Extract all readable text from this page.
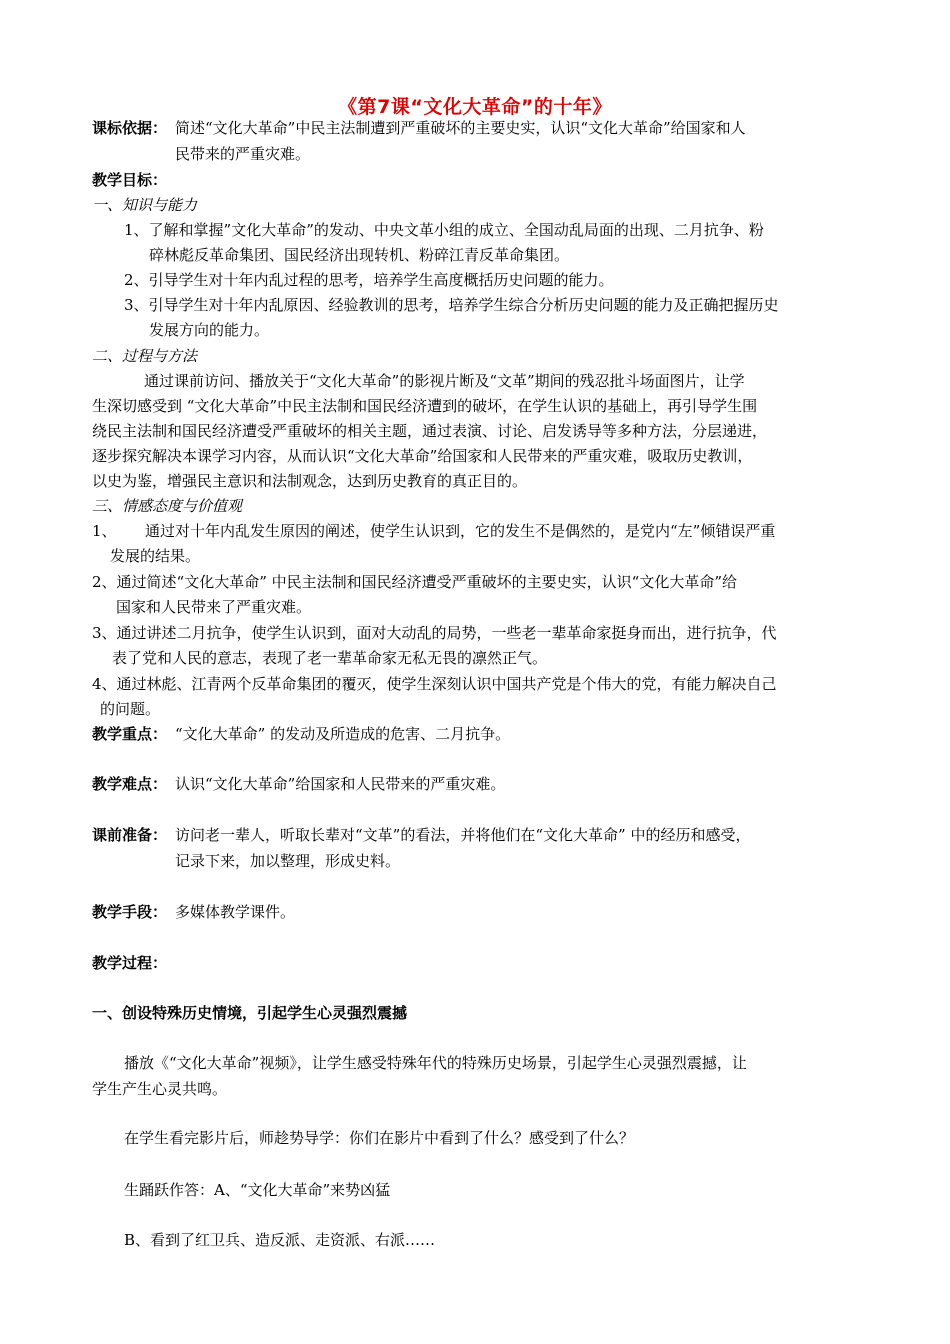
《第7课“文化大革命”的十年》
课标依据： 简述“文化大革命”中民主法制遭到严重破坏的主要史实，认识“文化大革命”给国家和人
民带来的严重灾难。
教学目标：
一、知识与能力
1、了解和掌握”文化大革命”的发动、中央文革小组的成立、全国动乱局面的出现、二月抗争、粉
碎林彪反革命集团、国民经济出现转机、粉碎江青反革命集团。
2、引导学生对十年内乱过程的思考，培养学生高度概括历史问题的能力。
3、引导学生对十年内乱原因、经验教训的思考，培养学生综合分析历史问题的能力及正确把握历史
发展方向的能力。
二、过程与方法
通过课前访问、播放关于“文化大革命”的影视片断及“文革”期间的残忍批斗场面图片，让学
生深切感受到 “文化大革命”中民主法制和国民经济遭到的破坏，在学生认识的基础上，再引导学生围
绕民主法制和国民经济遭受严重破坏的相关主题，通过表演、讨论、启发诱导等多种方法，分层递进，
逐步探究解决本课学习内容，从而认识“文化大革命”给国家和人民带来的严重灾难，吸取历史教训，
以史为鉴，增强民主意识和法制观念，达到历史教育的真正目的。
三、情感态度与价值观
1、 通过对十年内乱发生原因的阐述，使学生认识到，它的发生不是偶然的，是党内“左”倾错误严重
发展的结果。
2、通过简述“文化大革命” 中民主法制和国民经济遭受严重破坏的主要史实，认识“文化大革命”给
国家和人民带来了严重灾难。
3、通过讲述二月抗争，使学生认识到，面对大动乱的局势，一些老一辈革命家挺身而出，进行抗争，代
表了党和人民的意志，表现了老一辈革命家无私无畏的凛然正气。
4、通过林彪、江青两个反革命集团的覆灭，使学生深刻认识中国共产党是个伟大的党，有能力解决自己
的问题。
教学重点： “文化大革命” 的发动及所造成的危害、二月抗争。
教学难点： 认识“文化大革命”给国家和人民带来的严重灾难。
课前准备： 访问老一辈人，听取长辈对“文革”的看法，并将他们在“文化大革命” 中的经历和感受，
记录下来，加以整理，形成史料。
教学手段： 多媒体教学课件。
教学过程：
一、创设特殊历史情境，引起学生心灵强烈震撼
播放《“文化大革命”视频》，让学生感受特殊年代的特殊历史场景，引起学生心灵强烈震撼，让
学生产生心灵共鸣。
在学生看完影片后，师趁势导学：你们在影片中看到了什么？感受到了什么？
生踊跃作答：A、“文化大革命”来势凶猛
B、看到了红卫兵、造反派、走资派、右派……
